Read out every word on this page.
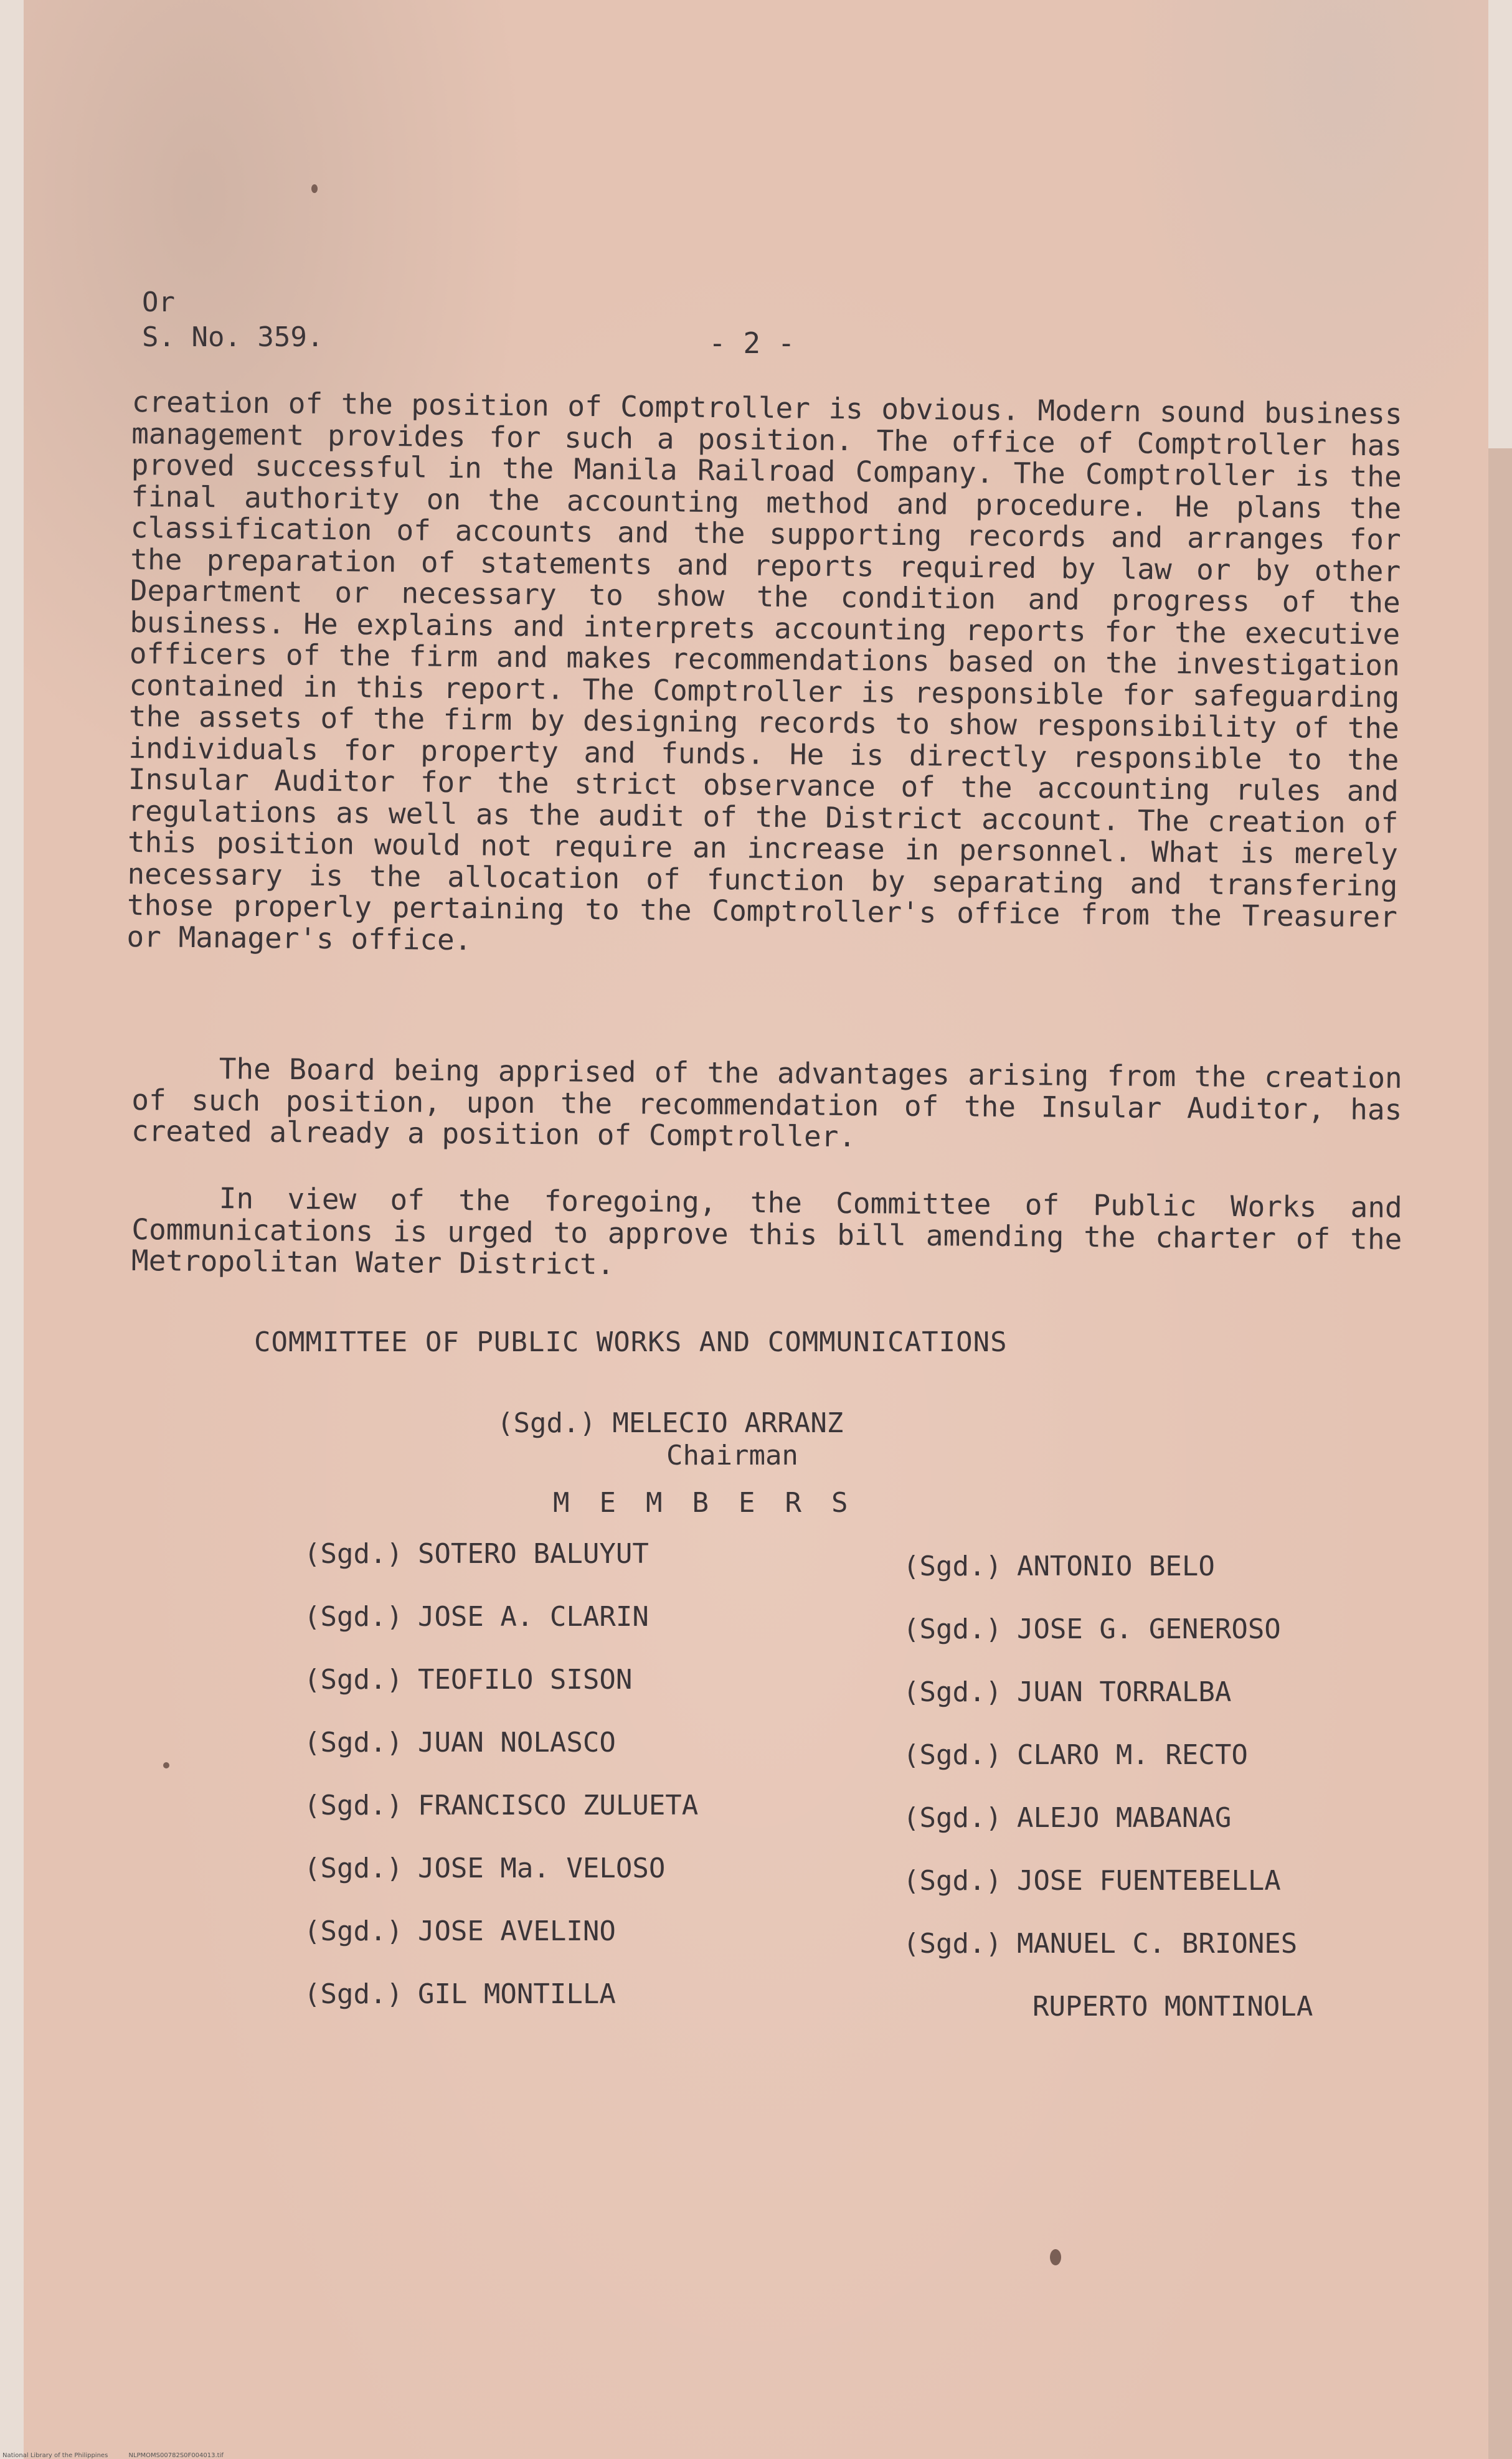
Or
S. No. 359.	- 2 -

creation of the position of Comptroller is obvious. Modern sound business management provides for such a position. The office of Comptroller has proved successful in the Manila Railroad Company. The Comptroller is the final authority on the accounting method and procedure. He plans the classification of accounts and the supporting records and arranges for the preparation of statements and reports required by law or by other Department or necessary to show the condition and progress of the business. He explains and interprets accounting reports for the executive officers of the firm and makes recommendations based on the investigation contained in this report. The Comptroller is responsible for safeguarding the assets of the firm by designing records to show responsibility of the individuals for property and funds. He is directly responsible to the Insular Auditor for the strict observance of the accounting rules and regulations as well as the audit of the District account. The creation of this position would not require an increase in personnel. What is merely necessary is the allocation of function by separating and transfering those properly pertaining to the Comptroller's office from the Treasurer or Manager's office.

The Board being apprised of the advantages arising from the creation of such position, upon the recommendation of the Insular Auditor, has created already a position of Comptroller.

In view of the foregoing, the Committee of Public Works and Communications is urged to approve this bill amending the charter of the Metropolitan Water District.

COMMITTEE OF PUBLIC WORKS AND COMMUNICATIONS
(Sgd.) MELECIO ARRANZ
Chairman
MEMBERS
(Sgd.) SOTERO BALUYUT
(Sgd.) JOSE A. CLARIN
(Sgd.) TEOFILO SISON
(Sgd.) JUAN NOLASCO
(Sgd.) FRANCISCO ZULUETA
(Sgd.) JOSE Ma. VELOSO
(Sgd.) JOSE AVELINO
(Sgd.) GIL MONTILLA
(Sgd.) ANTONIO BELO
(Sgd.) JOSE G. GENEROSO
(Sgd.) JUAN TORRALBA
(Sgd.) CLARO M. RECTO
(Sgd.) ALEJO MABANAG
(Sgd.) JOSE FUENTEBELLA
(Sgd.) MANUEL C. BRIONES
RUPERTO MONTINOLA
National Library of the Philippines	NLPMOMS00782S0F004013.tif
